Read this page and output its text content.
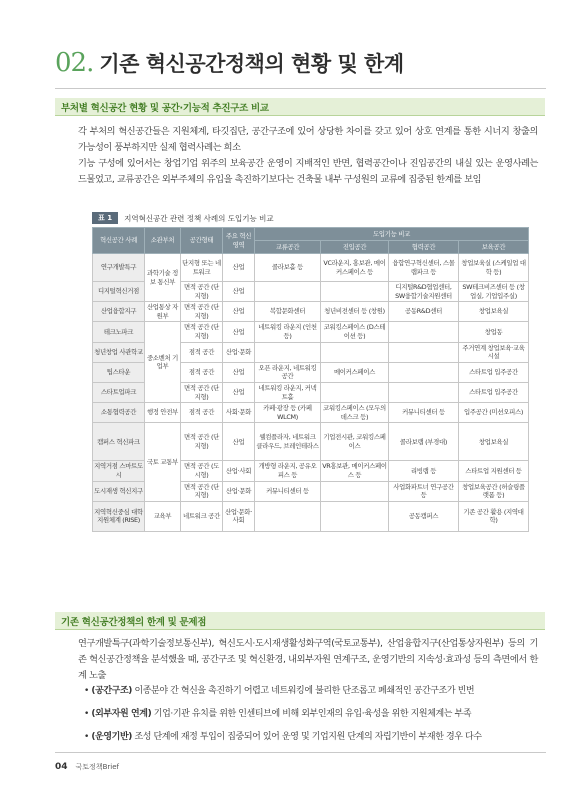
02. 기존 혁신공간정책의 현황 및 한계
부처별 혁신공간 현황 및 공간·기능적 추진구조 비교
각 부처의 혁신공간들은 지원체계, 타깃집단, 공간구조에 있어 상당한 차이를 갖고 있어 상호 연계를 통한 시너지 창출의 가능성이 풍부하지만 실제 협력사례는 희소
기능 구성에 있어서는 창업기업 위주의 보육공간 운영이 지배적인 반면, 협력공간이나 진입공간의 내실 있는 운영사례는 드물었고, 교류공간은 외부주체의 유입을 촉진하기보다는 건축물 내부 구성원의 교류에 집중된 한계를 보임
표 1	지역혁신공간 관련 정책 사례의 도입기능 비교
혁신공간 사례	소관부처	공간형태	주요 혁신영역	도입기능 비교			
				교류공간	진입공간	협력공간	보육공간
연구개발특구	과학기술 정보 통신부	단지형 또는 네트워크	산업	콜라보홀 등	VC라운지, 홍보관, 메이커스페이스 등	융합연구혁신센터, 스몰랩파크 등	창업보육실 (스케일업 대학 등)
디지털혁신거점		면적 공간 (단지형)	산업			디지털R&D협업센터, SW융합기술지원센터	SW테크비즈센터 등 (창업실, 기업입주실)
산업융합지구	산업통상 자원부	면적 공간 (단지형)	산업	복합문화센터	청년비전센터 등 (창원)	공동R&D센터	창업보육실
테크노파크	중소벤처 기업부	면적 공간 (단지형)	산업	네트워킹 라운지 (인천 등)	코워킹스페이스 (D스테이션 등)		창업동
청년창업 사관학교		점적 공간	산업·문화				주거연계 창업보육·교육시설
팁스타운		점적 공간	산업	오픈 라운지, 네트워킹 공간	메이커스페이스		스타트업 입주공간
스타트업파크		면적 공간 (단지형)	산업	네트워킹 라운지, 커넥트홀			스타트업 입주공간
소통협력공간	행정 안전부	점적 공간	사회·문화	카페·광장 등 (카페 WLCM)	코워킹스페이스 (모두의데스크 등)	커뮤니티센터 등	입주공간 (미션오피스)
캠퍼스 혁신파크	국토 교통부	면적 공간 (단지형)	산업	웰컴플라자, 네트워크 클라우드, 브레인테라스	기업전시관, 코워킹스페이스	콜라보랩 (부경대)	창업보육실
지역거점 스마트도시		면적 공간 (도시형)	산업·사회	개방형 라운지, 공유오피스 등	VR홍보관, 메이커스페이스 등	리빙랩 등	스타트업 지원센터 등
도시재생 혁신지구		면적 공간 (단지형)	산업·문화	커뮤니티센터 등		사업화파트너 연구공간 등	창업보육공간 (허슬링플랫폼 등)
지역혁신중심 대학지원체계 (RISE)	교육부	네트워크 공간	산업·문화· 사회			공동캠퍼스	기존 공간 활용 (지역대학)
기존 혁신공간정책의 한계 및 문제점
연구개발특구(과학기술정보통신부), 혁신도시·도시재생활성화구역(국토교통부), 산업융합지구(산업통상자원부) 등의 기존 혁신공간정책을 분석했을 때, 공간구조 및 혁신환경, 내외부자원 연계구조, 운영기반의 지속성·효과성 등의 측면에서 한계 노출
• (공간구조) 이종분야 간 혁신을 촉진하기 어렵고 네트워킹에 불리한 단조롭고 폐쇄적인 공간구조가 빈번
• (외부자원 연계) 기업·기관 유치를 위한 인센티브에 비해 외부인재의 유입·육성을 위한 지원체계는 부족
• (운영기반) 조성 단계에 재정 투입이 집중되어 있어 운영 및 기업지원 단계의 자립기반이 부재한 경우 다수
04 국토정책Brief
